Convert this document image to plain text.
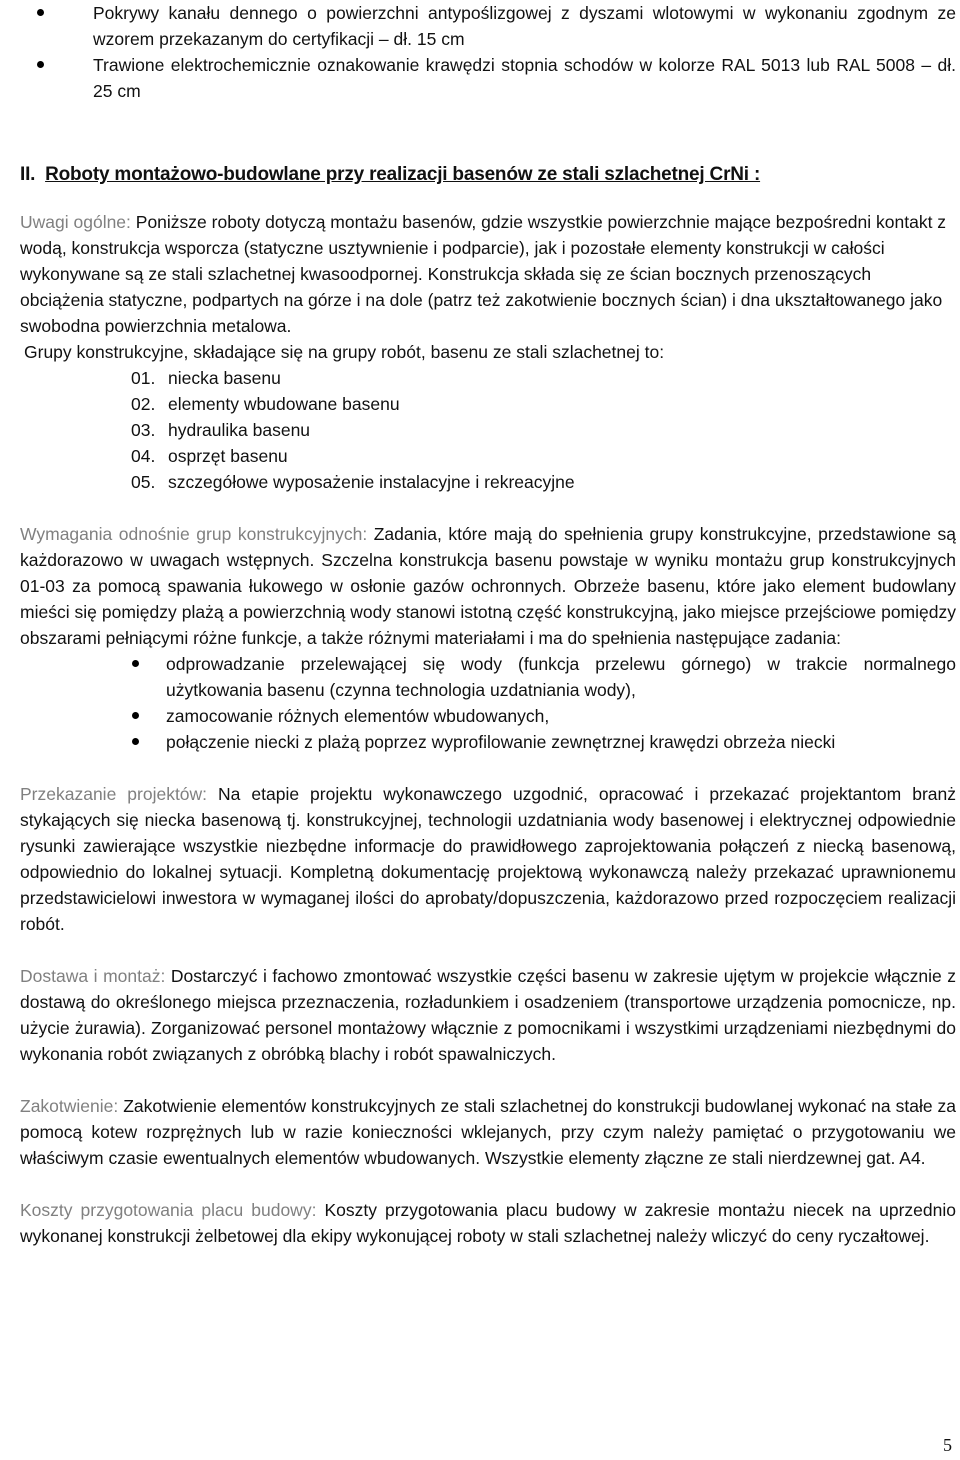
Pokrywy kanału dennego o powierzchni antypoślizgowej z dyszami wlotowymi w wykonaniu zgodnym ze wzorem przekazanym do certyfikacji – dł. 15 cm
Trawione elektrochemicznie oznakowanie krawędzi stopnia schodów w kolorze RAL 5013 lub RAL 5008 – dł. 25 cm
II. Roboty montażowo-budowlane przy realizacji basenów ze stali szlachetnej CrNi :

Uwagi ogólne: Poniższe roboty dotyczą montażu basenów, gdzie wszystkie powierzchnie mające bezpośredni kontakt z wodą, konstrukcja wsporcza (statyczne usztywnienie i podparcie), jak i pozostałe elementy konstrukcji w całości wykonywane są ze stali szlachetnej kwasoodpornej. Konstrukcja składa się ze ścian bocznych przenoszących obciążenia statyczne, podpartych na górze i na dole (patrz też zakotwienie bocznych ścian) i dna ukształtowanego jako swobodna powierzchnia metalowa.

Grupy konstrukcyjne, składające się na grupy robót, basenu ze stali szlachetnej to:

01. niecka basenu
02. elementy wbudowane basenu
03. hydraulika basenu
04. osprzęt basenu
05. szczegółowe wyposażenie instalacyjne i rekreacyjne

Wymagania odnośnie grup konstrukcyjnych: Zadania, które mają do spełnienia grupy konstrukcyjne, przedstawione są każdorazowo w uwagach wstępnych. Szczelna konstrukcja basenu powstaje w wyniku montażu grup konstrukcyjnych 01-03 za pomocą spawania łukowego w osłonie gazów ochronnych. Obrzeże basenu, które jako element budowlany mieści się pomiędzy plażą a powierzchnią wody stanowi istotną część konstrukcyjną, jako miejsce przejściowe pomiędzy obszarami pełniącymi różne funkcje, a także różnymi materiałami i ma do spełnienia następujące zadania:

odprowadzanie przelewającej się wody (funkcja przelewu górnego) w trakcie normalnego użytkowania basenu (czynna technologia uzdatniania wody),
zamocowanie różnych elementów wbudowanych,
połączenie niecki z plażą poprzez wyprofilowanie zewnętrznej krawędzi obrzeża niecki

Przekazanie projektów: Na etapie projektu wykonawczego uzgodnić, opracować i przekazać projektantom branż stykających się niecka basenową tj. konstrukcyjnej, technologii uzdatniania wody basenowej i elektrycznej odpowiednie rysunki zawierające wszystkie niezbędne informacje do prawidłowego zaprojektowania połączeń z niecką basenową, odpowiednio do lokalnej sytuacji. Kompletną dokumentację projektową wykonawczą należy przekazać uprawnionemu przedstawicielowi inwestora w wymaganej ilości do aprobaty/dopuszczenia, każdorazowo przed rozpoczęciem realizacji robót.

Dostawa i montaż: Dostarczyć i fachowo zmontować wszystkie części basenu w zakresie ujętym w projekcie włącznie z dostawą do określonego miejsca przeznaczenia, rozładunkiem i osadzeniem (transportowe urządzenia pomocnicze, np. użycie żurawia). Zorganizować personel montażowy włącznie z pomocnikami i wszystkimi urządzeniami niezbędnymi do wykonania robót związanych z obróbką blachy i robót spawalniczych.

Zakotwienie: Zakotwienie elementów konstrukcyjnych ze stali szlachetnej do konstrukcji budowlanej wykonać na stałe za pomocą kotew rozprężnych lub w razie konieczności wklejanych, przy czym należy pamiętać o przygotowaniu we właściwym czasie ewentualnych elementów wbudowanych. Wszystkie elementy złączne ze stali nierdzewnej gat. A4.

Koszty przygotowania placu budowy: Koszty przygotowania placu budowy w zakresie montażu niecek na uprzednio wykonanej konstrukcji żelbetowej dla ekipy wykonującej roboty w stali szlachetnej należy wliczyć do ceny ryczałtowej.

5
